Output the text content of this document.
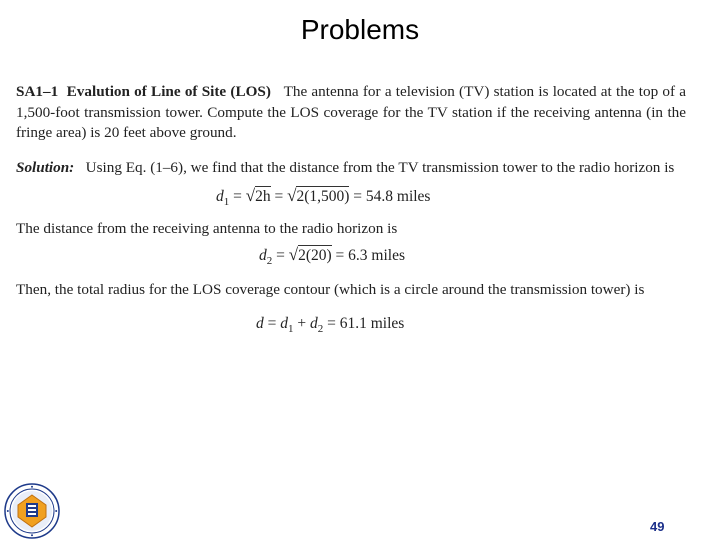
Problems

SA1–1 Evalution of Line of Site (LOS) The antenna for a television (TV) station is located at the top of a 1,500-foot transmission tower. Compute the LOS coverage for the TV station if the receiving antenna (in the fringe area) is 20 feet above ground.

Solution: Using Eq. (1–6), we find that the distance from the TV transmission tower to the radio horizon is

$d_1 = √2h = √2(1,500) = 54.8$ miles

The distance from the receiving antenna to the radio horizon is

$d_2 = √2(20) = 6.3$ miles

Then, the total radius for the LOS coverage contour (which is a circle around the transmission tower) is

$d = d_1 + d_2 = 61.1$ miles

49
